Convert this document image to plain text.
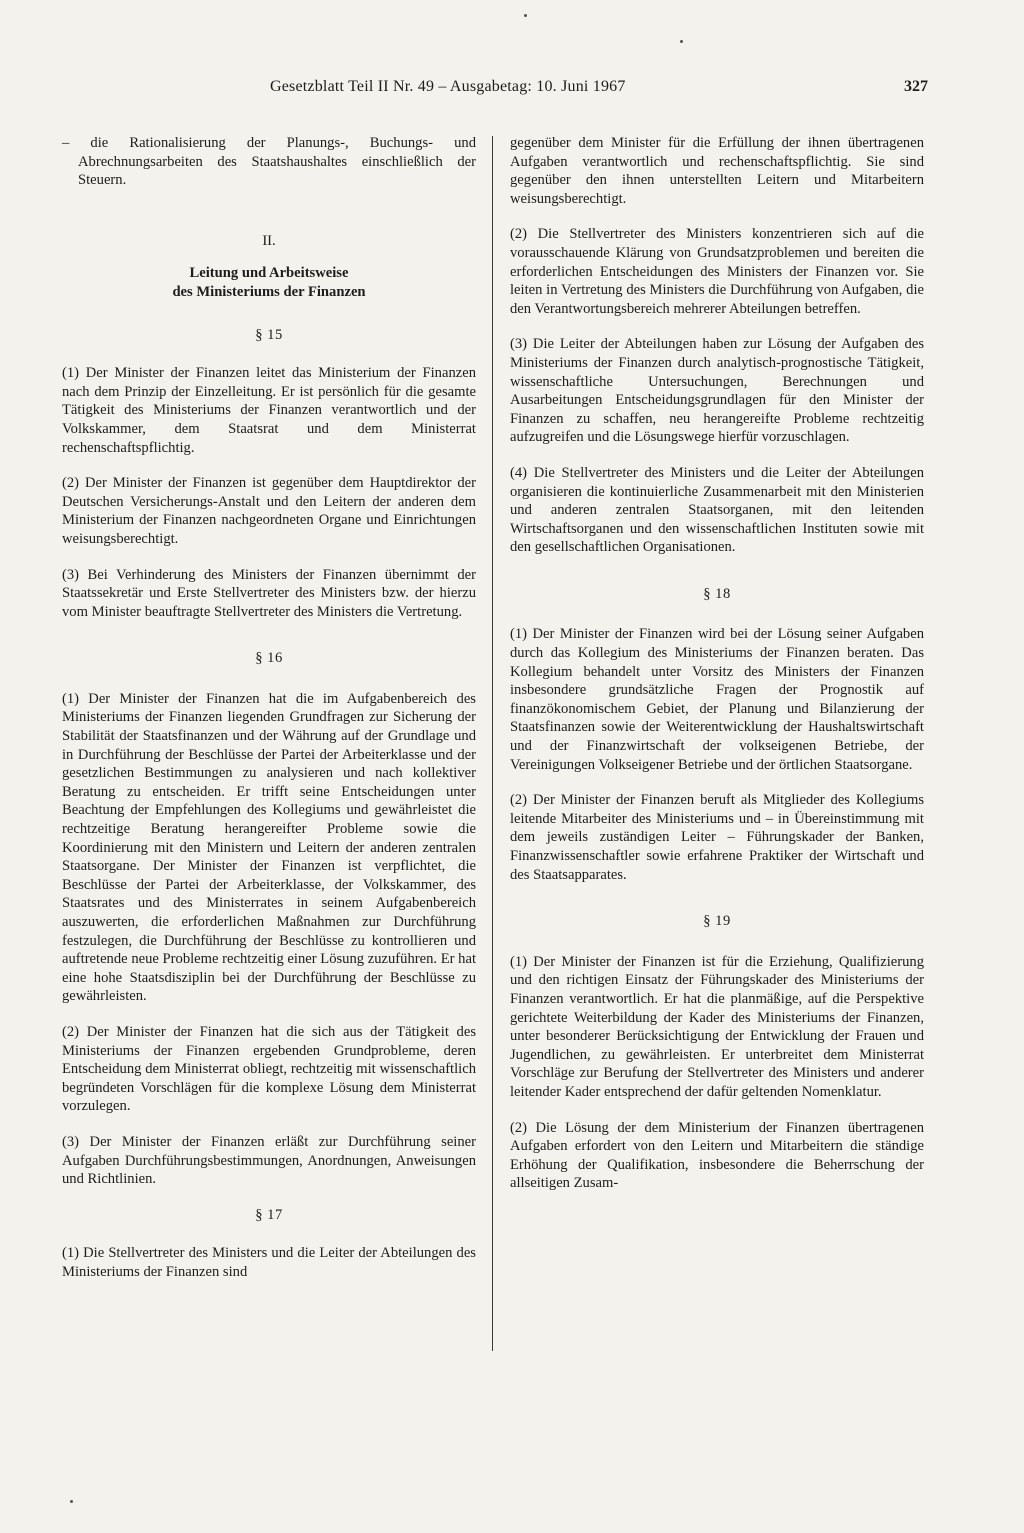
Gesetzblatt Teil II Nr. 49 – Ausgabetag: 10. Juni 1967	327

– die Rationalisierung der Planungs-, Buchungs- und Abrechnungsarbeiten des Staatshaushaltes einschließlich der Steuern.

II.

Leitung und Arbeitsweise
des Ministeriums der Finanzen

§ 15

(1) Der Minister der Finanzen leitet das Ministerium der Finanzen nach dem Prinzip der Einzelleitung. Er ist persönlich für die gesamte Tätigkeit des Ministeriums der Finanzen verantwortlich und der Volkskammer, dem Staatsrat und dem Ministerrat rechenschaftspflichtig.

(2) Der Minister der Finanzen ist gegenüber dem Hauptdirektor der Deutschen Versicherungs-Anstalt und den Leitern der anderen dem Ministerium der Finanzen nachgeordneten Organe und Einrichtungen weisungsberechtigt.

(3) Bei Verhinderung des Ministers der Finanzen übernimmt der Staatssekretär und Erste Stellvertreter des Ministers bzw. der hierzu vom Minister beauftragte Stellvertreter des Ministers die Vertretung.

§ 16

(1) Der Minister der Finanzen hat die im Aufgabenbereich des Ministeriums der Finanzen liegenden Grundfragen zur Sicherung der Stabilität der Staatsfinanzen und der Währung auf der Grundlage und in Durchführung der Beschlüsse der Partei der Arbeiterklasse und der gesetzlichen Bestimmungen zu analysieren und nach kollektiver Beratung zu entscheiden. Er trifft seine Entscheidungen unter Beachtung der Empfehlungen des Kollegiums und gewährleistet die rechtzeitige Beratung herangereifter Probleme sowie die Koordinierung mit den Ministern und Leitern der anderen zentralen Staatsorgane. Der Minister der Finanzen ist verpflichtet, die Beschlüsse der Partei der Arbeiterklasse, der Volkskammer, des Staatsrates und des Ministerrates in seinem Aufgabenbereich auszuwerten, die erforderlichen Maßnahmen zur Durchführung festzulegen, die Durchführung der Beschlüsse zu kontrollieren und auftretende neue Probleme rechtzeitig einer Lösung zuzuführen. Er hat eine hohe Staatsdisziplin bei der Durchführung der Beschlüsse zu gewährleisten.

(2) Der Minister der Finanzen hat die sich aus der Tätigkeit des Ministeriums der Finanzen ergebenden Grundprobleme, deren Entscheidung dem Ministerrat obliegt, rechtzeitig mit wissenschaftlich begründeten Vorschlägen für die komplexe Lösung dem Ministerrat vorzulegen.

(3) Der Minister der Finanzen erläßt zur Durchführung seiner Aufgaben Durchführungsbestimmungen, Anordnungen, Anweisungen und Richtlinien.

§ 17

(1) Die Stellvertreter des Ministers und die Leiter der Abteilungen des Ministeriums der Finanzen sind

gegenüber dem Minister für die Erfüllung der ihnen übertragenen Aufgaben verantwortlich und rechenschaftspflichtig. Sie sind gegenüber den ihnen unterstellten Leitern und Mitarbeitern weisungsberechtigt.

(2) Die Stellvertreter des Ministers konzentrieren sich auf die vorausschauende Klärung von Grundsatzproblemen und bereiten die erforderlichen Entscheidungen des Ministers der Finanzen vor. Sie leiten in Vertretung des Ministers die Durchführung von Aufgaben, die den Verantwortungsbereich mehrerer Abteilungen betreffen.

(3) Die Leiter der Abteilungen haben zur Lösung der Aufgaben des Ministeriums der Finanzen durch analytisch-prognostische Tätigkeit, wissenschaftliche Untersuchungen, Berechnungen und Ausarbeitungen Entscheidungsgrundlagen für den Minister der Finanzen zu schaffen, neu herangereifte Probleme rechtzeitig aufzugreifen und die Lösungswege hierfür vorzuschlagen.

(4) Die Stellvertreter des Ministers und die Leiter der Abteilungen organisieren die kontinuierliche Zusammenarbeit mit den Ministerien und anderen zentralen Staatsorganen, mit den leitenden Wirtschaftsorganen und den wissenschaftlichen Instituten sowie mit den gesellschaftlichen Organisationen.

§ 18

(1) Der Minister der Finanzen wird bei der Lösung seiner Aufgaben durch das Kollegium des Ministeriums der Finanzen beraten. Das Kollegium behandelt unter Vorsitz des Ministers der Finanzen insbesondere grundsätzliche Fragen der Prognostik auf finanzökonomischem Gebiet, der Planung und Bilanzierung der Staatsfinanzen sowie der Weiterentwicklung der Haushaltswirtschaft und der Finanzwirtschaft der volkseigenen Betriebe, der Vereinigungen Volkseigener Betriebe und der örtlichen Staatsorgane.

(2) Der Minister der Finanzen beruft als Mitglieder des Kollegiums leitende Mitarbeiter des Ministeriums und – in Übereinstimmung mit dem jeweils zuständigen Leiter – Führungskader der Banken, Finanzwissenschaftler sowie erfahrene Praktiker der Wirtschaft und des Staatsapparates.

§ 19

(1) Der Minister der Finanzen ist für die Erziehung, Qualifizierung und den richtigen Einsatz der Führungskader des Ministeriums der Finanzen verantwortlich. Er hat die planmäßige, auf die Perspektive gerichtete Weiterbildung der Kader des Ministeriums der Finanzen, unter besonderer Berücksichtigung der Entwicklung der Frauen und Jugendlichen, zu gewährleisten. Er unterbreitet dem Ministerrat Vorschläge zur Berufung der Stellvertreter des Ministers und anderer leitender Kader entsprechend der dafür geltenden Nomenklatur.

(2) Die Lösung der dem Ministerium der Finanzen übertragenen Aufgaben erfordert von den Leitern und Mitarbeitern die ständige Erhöhung der Qualifikation, insbesondere die Beherrschung der allseitigen Zusam-
